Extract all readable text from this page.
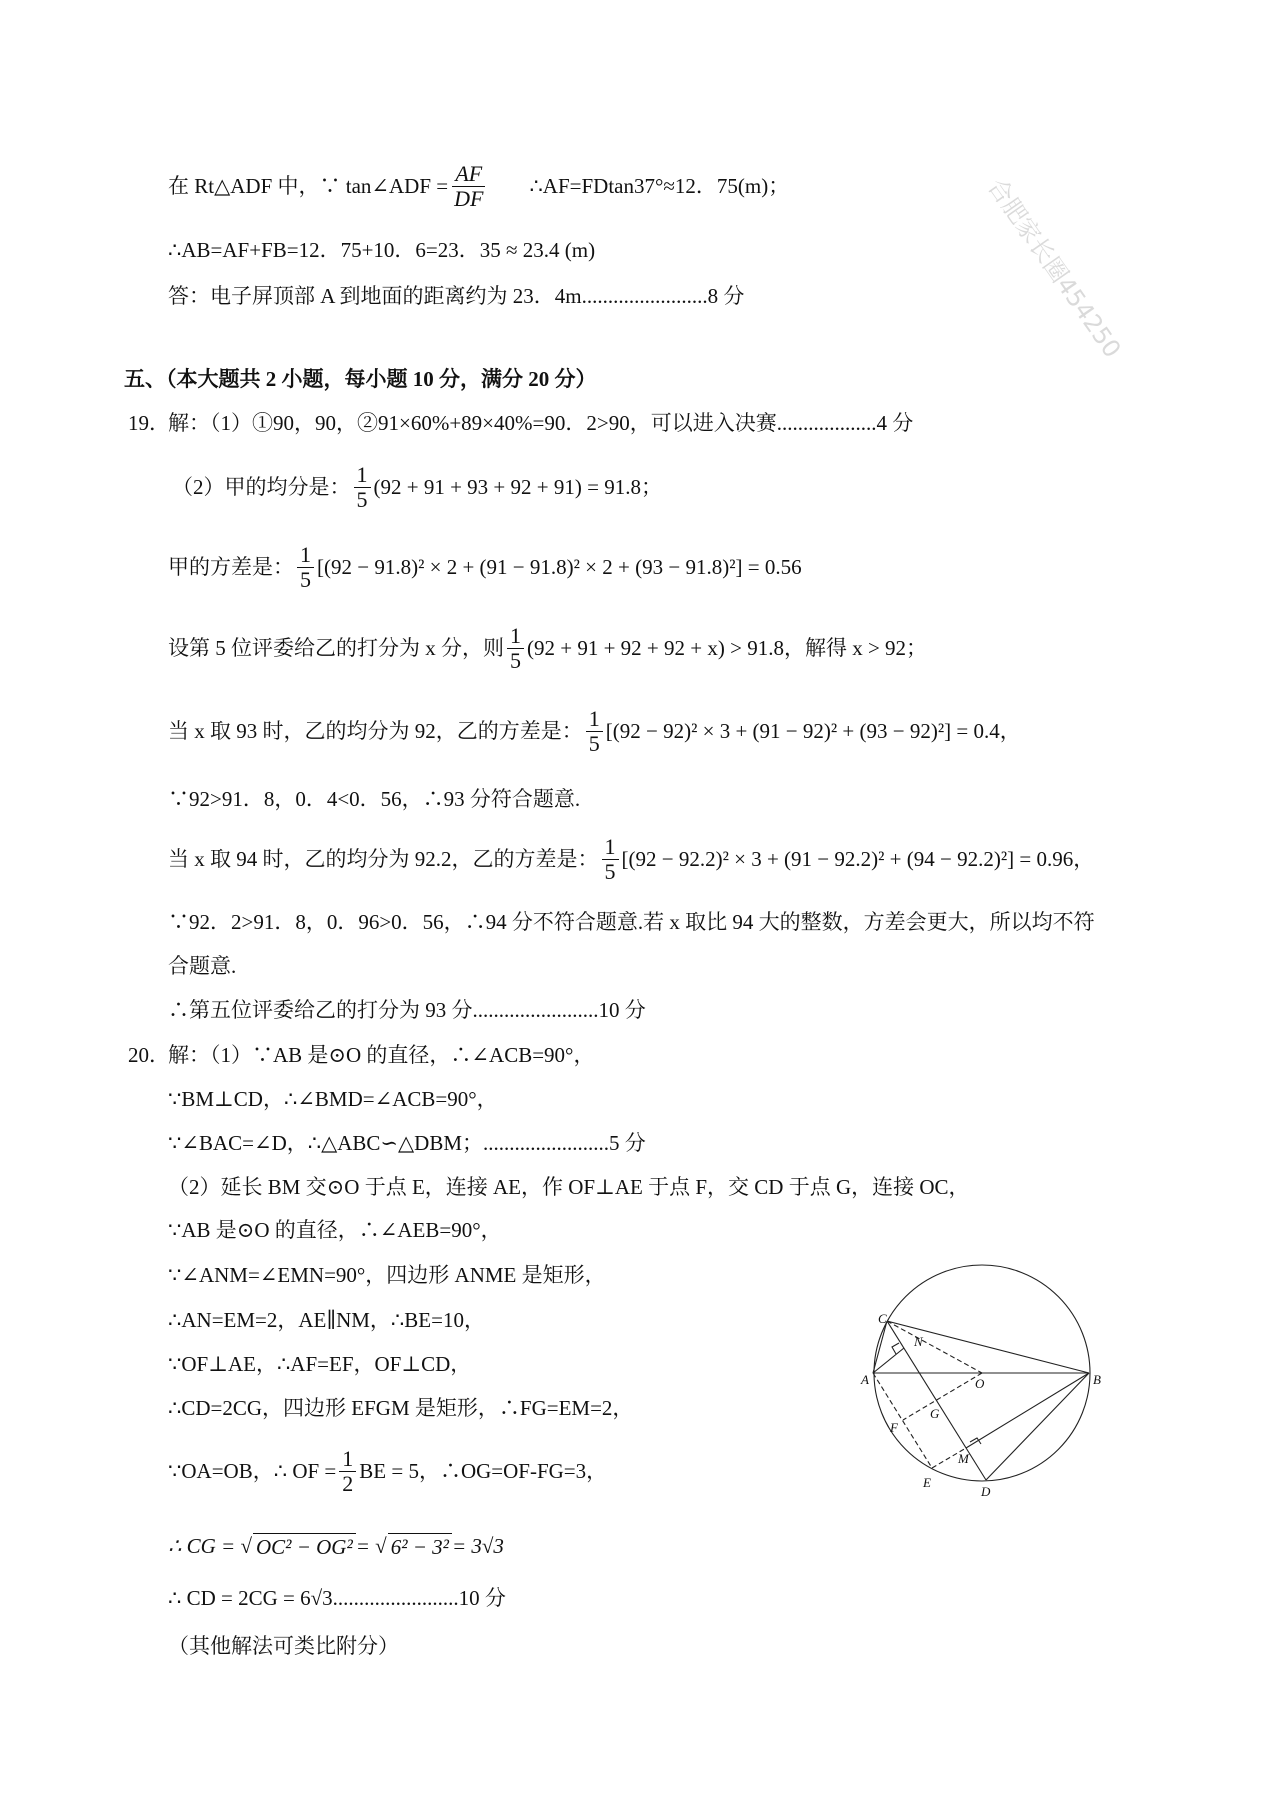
合肥家长圈454250
在 Rt△ADF 中，∵ tan∠ADF = $\frac{AF}{DF}$ ∴AF=FDtan37°≈12．75(m)；
∴AB=AF+FB=12．75+10．6=23．35 ≈ 23.4 (m)
答：电子屏顶部 A 到地面的距离约为 23．4m........................8 分
五、（本大题共 2 小题，每小题 10 分，满分 20 分）
19．
解：（1）①90，90，②91×60%+89×40%=90．2>90，可以进入决赛...................4 分
（2）甲的均分是： $\frac{1}{5} (92 + 91 + 93 + 92 + 91) = 91.8$；
甲的方差是： $\frac{1}{5} [(92 - 91.8)^2 \times 2 + (91 - 91.8)^2 \times 2 + (93 - 91.8)^2] = 0.56$
设第 5 位评委给乙的打分为 x 分，则 $\frac{1}{5} (92 + 91 + 92 + 92 + x) > 91.8$，解得 x > 92；
当 x 取 93 时，乙的均分为 92，乙的方差是： $\frac{1}{5} [(92 - 92)^2 \times 3 + (91 - 92)^2 + (93 - 92)^2] = 0.4$，
∵92>91．8，0．4<0．56，∴93 分符合题意.
当 x 取 94 时，乙的均分为 92.2，乙的方差是： $\frac{1}{5} [(92 - 92.2)^2 \times 3 + (91 - 92.2)^2 + (94 - 92.2)^2] = 0.96$，
∵92．2>91．8，0．96>0．56，∴94 分不符合题意.若 x 取比 94 大的整数，方差会更大，所以均不符
合题意.
∴第五位评委给乙的打分为 93 分........................10 分
20．
解：（1）∵AB 是⊙O 的直径，∴∠ACB=90°，
∵BM⊥CD，∴∠BMD=∠ACB=90°，
∵∠BAC=∠D，∴△ABC∽△DBM；........................5 分
（2）延长 BM 交⊙O 于点 E，连接 AE，作 OF⊥AE 于点 F，交 CD 于点 G，连接 OC，
∵AB 是⊙O 的直径，∴∠AEB=90°，
∵∠ANM=∠EMN=90°，四边形 ANME 是矩形，
∴AN=EM=2，AE∥NM，∴BE=10，
∵OF⊥AE，∴AF=EF，OF⊥CD，
∴CD=2CG，四边形 EFGM 是矩形，∴FG=EM=2，
∵OA=OB，∴ OF = $\frac{1}{2}$ BE = 5，∴OG=OF-FG=3，
∴ CG = √ OC² − OG² = √ 6² − 3² = 3√3
∴ CD = 2CG = 6√3........................10 分
（其他解法可类比附分）
C
N
A	O	B
G
F
M
E
D
